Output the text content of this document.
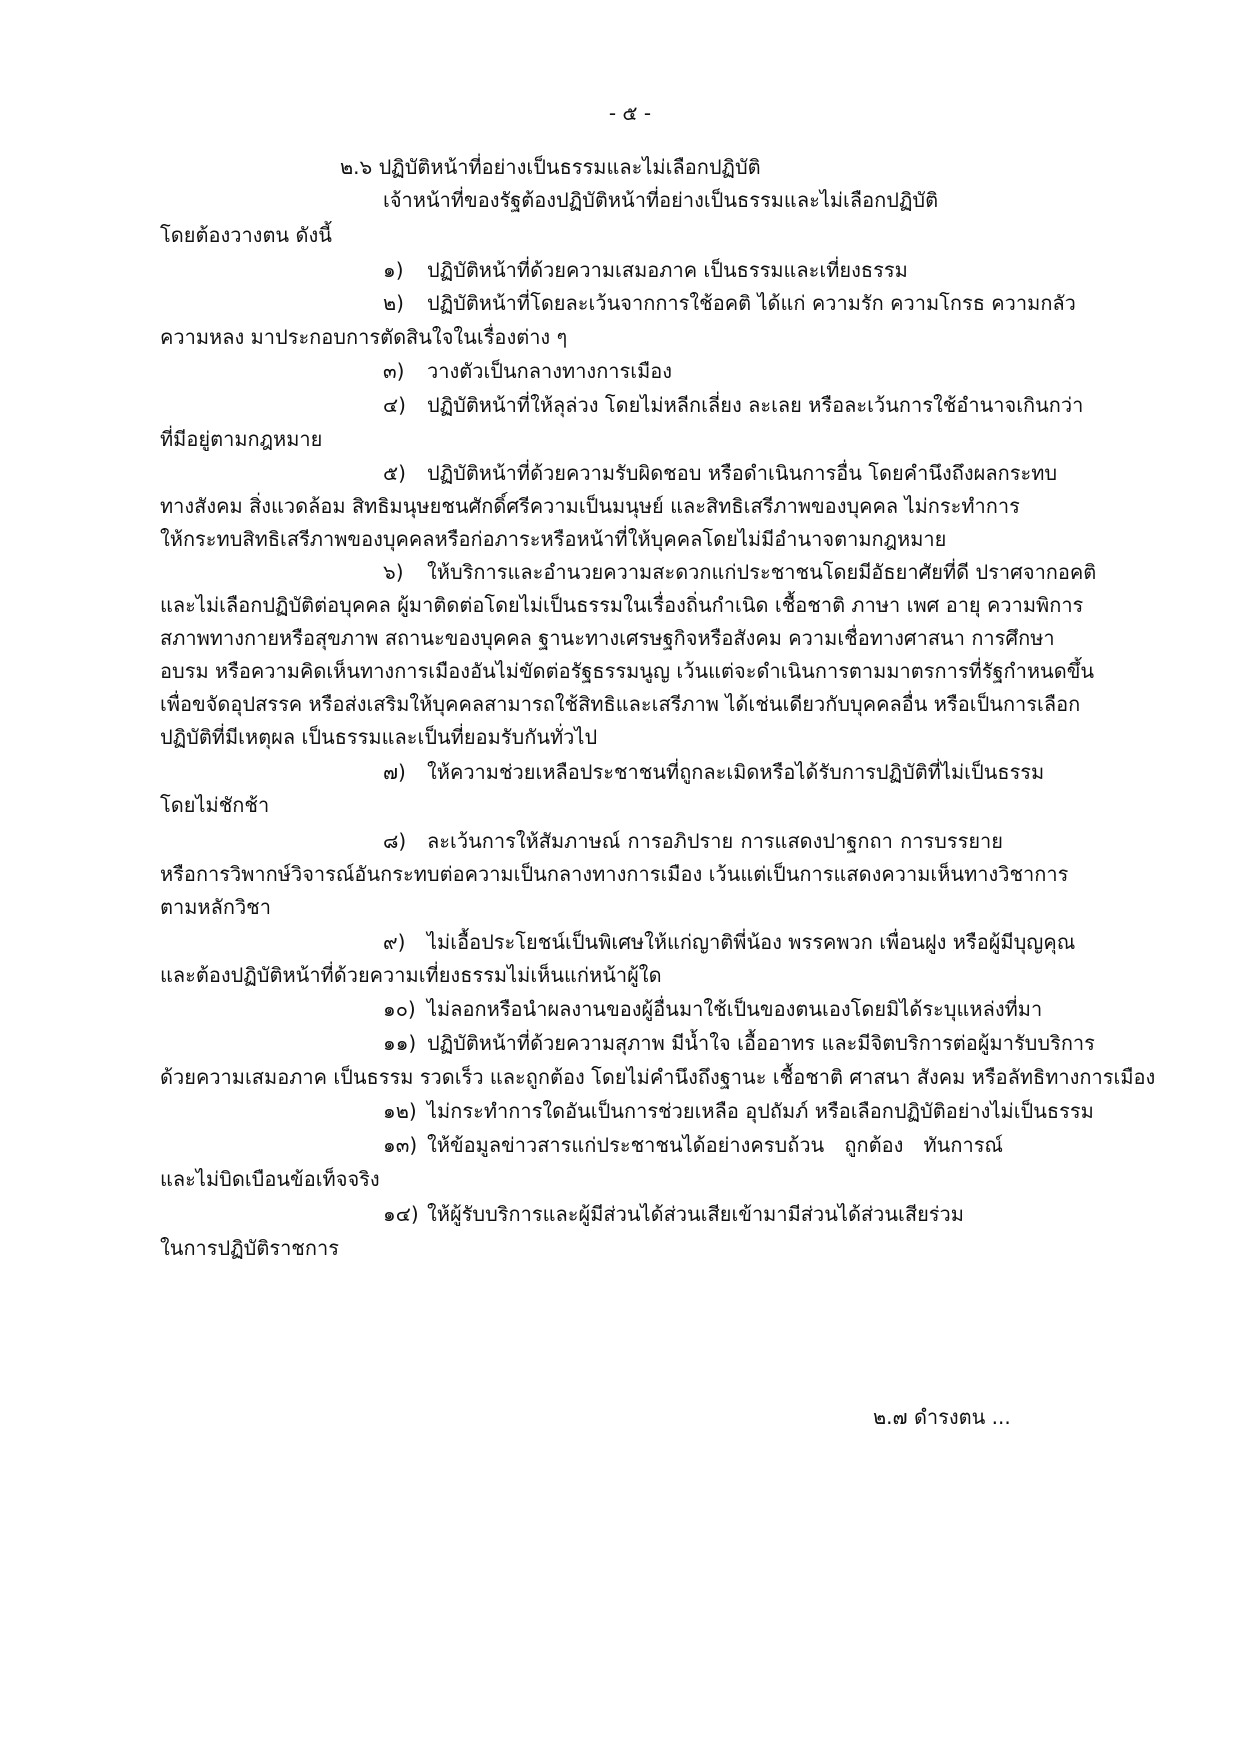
- ๕ -
๒.๖ ปฏิบัติหน้าที่อย่างเป็นธรรมและไม่เลือกปฏิบัติ
เจ้าหน้าที่ของรัฐต้องปฏิบัติหน้าที่อย่างเป็นธรรมและไม่เลือกปฏิบัติ
โดยต้องวางตน ดังนี้
๑) ปฏิบัติหน้าที่ด้วยความเสมอภาค เป็นธรรมและเที่ยงธรรม
๒) ปฏิบัติหน้าที่โดยละเว้นจากการใช้อคติ ได้แก่ ความรัก ความโกรธ ความกลัว
ความหลง มาประกอบการตัดสินใจในเรื่องต่าง ๆ
๓) วางตัวเป็นกลางทางการเมือง
๔) ปฏิบัติหน้าที่ให้ลุล่วง โดยไม่หลีกเลี่ยง ละเลย หรือละเว้นการใช้อำนาจเกินกว่า
ที่มีอยู่ตามกฎหมาย
๕) ปฏิบัติหน้าที่ด้วยความรับผิดชอบ หรือดำเนินการอื่น โดยคำนึงถึงผลกระทบ
ทางสังคม สิ่งแวดล้อม สิทธิมนุษยชนศักดิ์ศรีความเป็นมนุษย์ และสิทธิเสรีภาพของบุคคล ไม่กระทำการ
ให้กระทบสิทธิเสรีภาพของบุคคลหรือก่อภาระหรือหน้าที่ให้บุคคลโดยไม่มีอำนาจตามกฎหมาย
๖) ให้บริการและอำนวยความสะดวกแก่ประชาชนโดยมีอัธยาศัยที่ดี ปราศจากอคติ
และไม่เลือกปฏิบัติต่อบุคคล ผู้มาติดต่อโดยไม่เป็นธรรมในเรื่องถิ่นกำเนิด เชื้อชาติ ภาษา เพศ อายุ ความพิการ
สภาพทางกายหรือสุขภาพ สถานะของบุคคล ฐานะทางเศรษฐกิจหรือสังคม ความเชื่อทางศาสนา การศึกษา
อบรม หรือความคิดเห็นทางการเมืองอันไม่ขัดต่อรัฐธรรมนูญ เว้นแต่จะดำเนินการตามมาตรการที่รัฐกำหนดขึ้น
เพื่อขจัดอุปสรรค หรือส่งเสริมให้บุคคลสามารถใช้สิทธิและเสรีภาพ ได้เช่นเดียวกับบุคคลอื่น หรือเป็นการเลือก
ปฏิบัติที่มีเหตุผล เป็นธรรมและเป็นที่ยอมรับกันทั่วไป
๗) ให้ความช่วยเหลือประชาชนที่ถูกละเมิดหรือได้รับการปฏิบัติที่ไม่เป็นธรรม
โดยไม่ชักช้า
๘) ละเว้นการให้สัมภาษณ์ การอภิปราย การแสดงปาฐกถา การบรรยาย
หรือการวิพากษ์วิจารณ์อันกระทบต่อความเป็นกลางทางการเมือง เว้นแต่เป็นการแสดงความเห็นทางวิชาการ
ตามหลักวิชา
๙) ไม่เอื้อประโยชน์เป็นพิเศษให้แก่ญาติพี่น้อง พรรคพวก เพื่อนฝูง หรือผู้มีบุญคุณ
และต้องปฏิบัติหน้าที่ด้วยความเที่ยงธรรมไม่เห็นแก่หน้าผู้ใด
๑๐) ไม่ลอกหรือนำผลงานของผู้อื่นมาใช้เป็นของตนเองโดยมิได้ระบุแหล่งที่มา
๑๑) ปฏิบัติหน้าที่ด้วยความสุภาพ มีน้ำใจ เอื้ออาทร และมีจิตบริการต่อผู้มารับบริการ
ด้วยความเสมอภาค เป็นธรรม รวดเร็ว และถูกต้อง โดยไม่คำนึงถึงฐานะ เชื้อชาติ ศาสนา สังคม หรือลัทธิทางการเมือง
๑๒) ไม่กระทำการใดอันเป็นการช่วยเหลือ อุปถัมภ์ หรือเลือกปฏิบัติอย่างไม่เป็นธรรม
๑๓) ให้ข้อมูลข่าวสารแก่ประชาชนได้อย่างครบถ้วน ถูกต้อง ทันการณ์
และไม่บิดเบือนข้อเท็จจริง
๑๔) ให้ผู้รับบริการและผู้มีส่วนได้ส่วนเสียเข้ามามีส่วนได้ส่วนเสียร่วม
ในการปฏิบัติราชการ
๒.๗ ดำรงตน ...
